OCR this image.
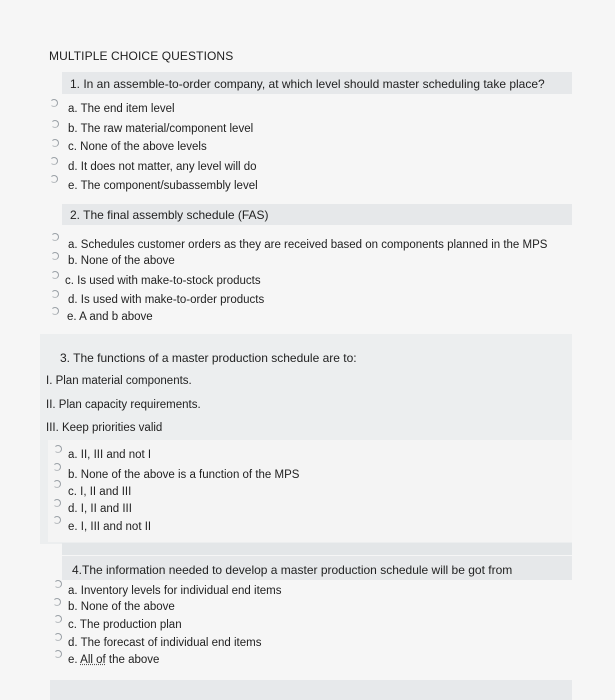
MULTIPLE CHOICE QUESTIONS
1. In an assemble-to-order company, at which level should master scheduling take place?
a. The end item level
b. The raw material/component level
c. None of the above levels
d. It does not matter, any level will do
e. The component/subassembly level
2. The final assembly schedule (FAS)
a. Schedules customer orders as they are received based on components planned in the MPS
b. None of the above
c. Is used with make-to-stock products
d. Is used with make-to-order products
e. A and b above
3. The functions of a master production schedule are to:
I. Plan material components.
II. Plan capacity requirements.
III. Keep priorities valid
a. II, III and not I
b. None of the above is a function of the MPS
c. I, II and III
d. I, II and III
e. I, III and not II
4.The information needed to develop a master production schedule will be got from
a. Inventory levels for individual end items
b. None of the above
c. The production plan
d. The forecast of individual end items
e. All of the above
